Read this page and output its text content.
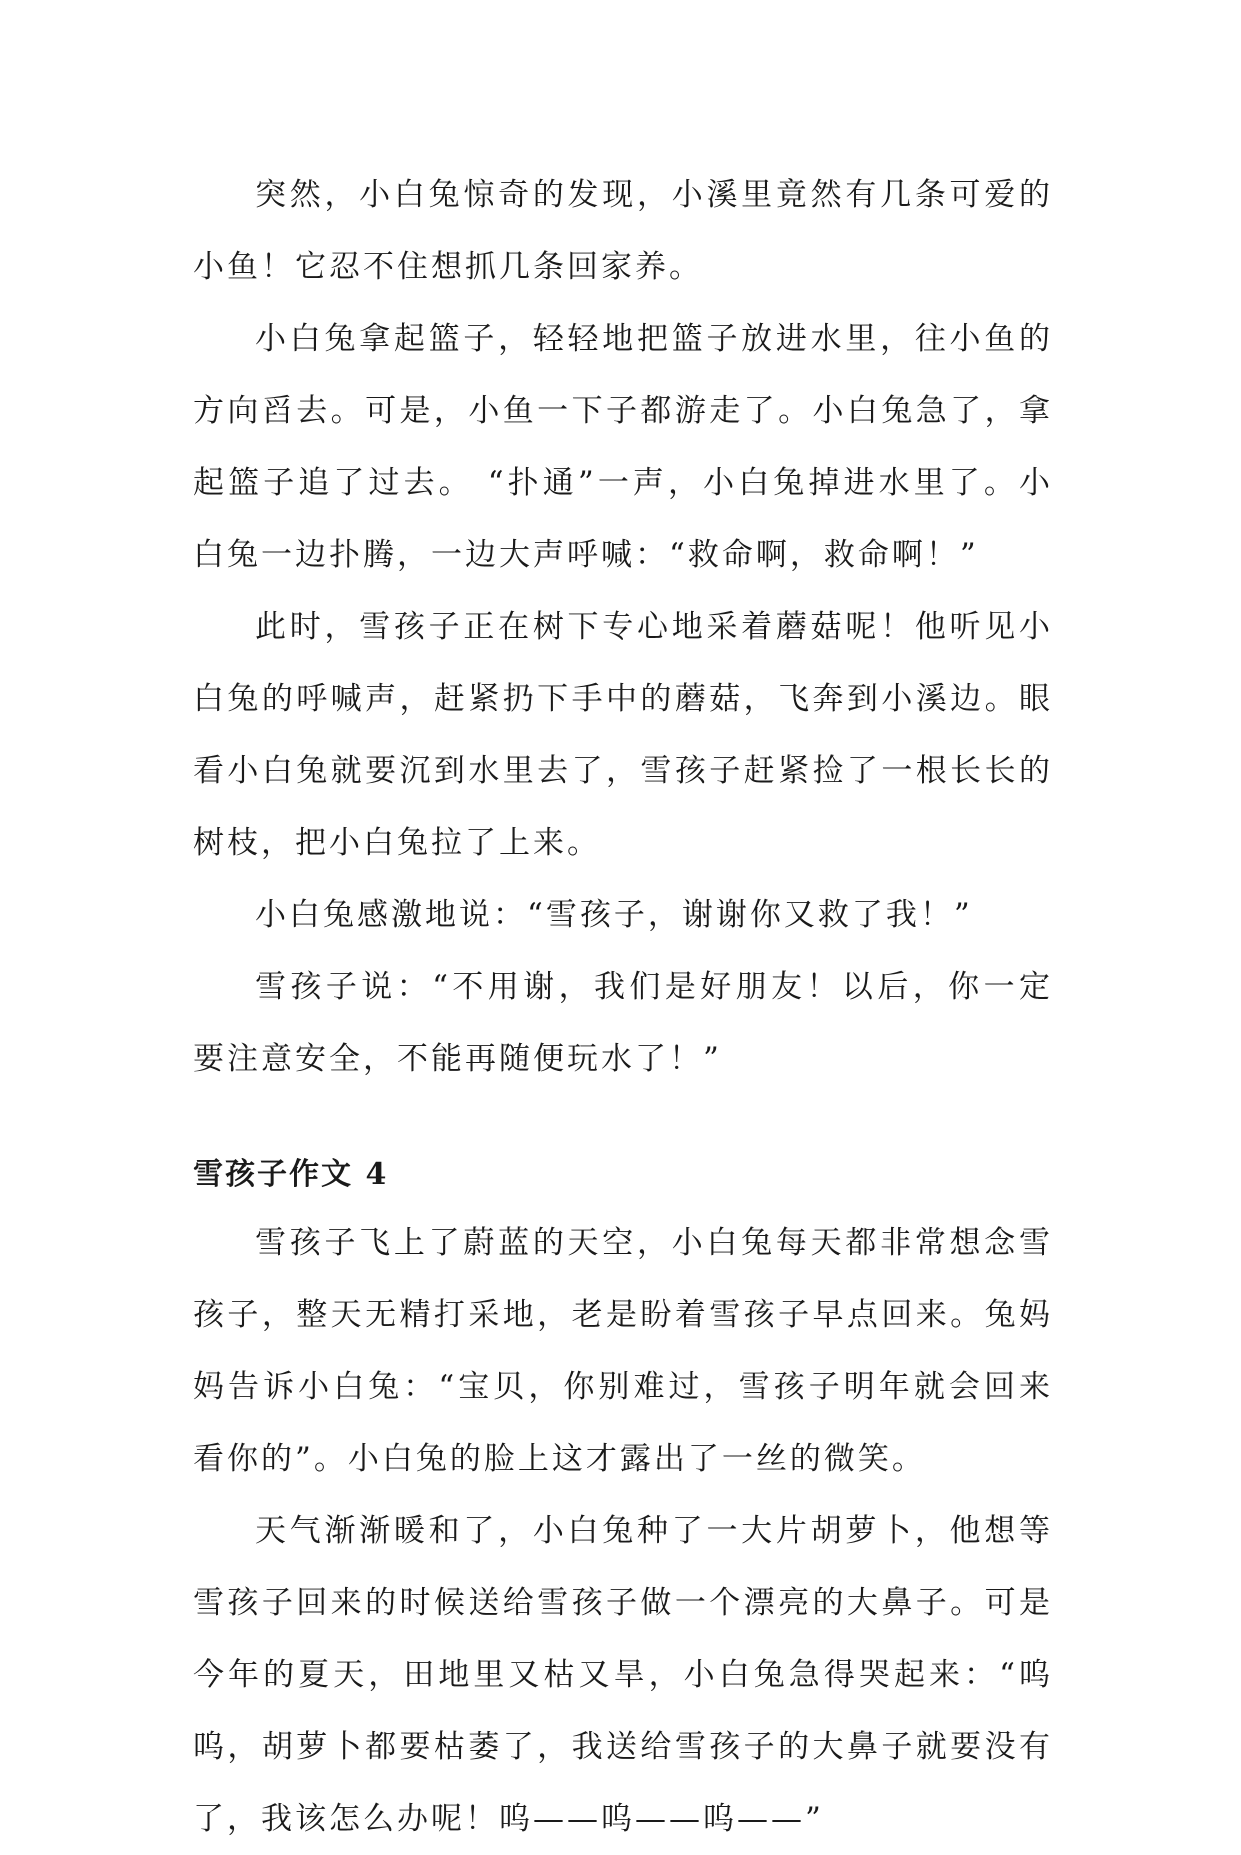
突然，小白兔惊奇的发现，小溪里竟然有几条可爱的小鱼！它忍不住想抓几条回家养。

小白兔拿起篮子，轻轻地把篮子放进水里，往小鱼的方向舀去。可是，小鱼一下子都游走了。小白兔急了，拿起篮子追了过去。 “扑通”一声，小白兔掉进水里了。小白兔一边扑腾，一边大声呼喊：“救命啊，救命啊！”

此时，雪孩子正在树下专心地采着蘑菇呢！他听见小白兔的呼喊声，赶紧扔下手中的蘑菇，飞奔到小溪边。眼看小白兔就要沉到水里去了，雪孩子赶紧捡了一根长长的树枝，把小白兔拉了上来。

小白兔感激地说：“雪孩子，谢谢你又救了我！”

雪孩子说：“不用谢，我们是好朋友！以后，你一定要注意安全，不能再随便玩水了！”

雪孩子作文 4

雪孩子飞上了蔚蓝的天空，小白兔每天都非常想念雪孩子，整天无精打采地，老是盼着雪孩子早点回来。兔妈妈告诉小白兔：“宝贝，你别难过，雪孩子明年就会回来看你的”。小白兔的脸上这才露出了一丝的微笑。

天气渐渐暖和了，小白兔种了一大片胡萝卜，他想等雪孩子回来的时候送给雪孩子做一个漂亮的大鼻子。可是今年的夏天，田地里又枯又旱，小白兔急得哭起来：“呜呜，胡萝卜都要枯萎了，我送给雪孩子的大鼻子就要没有了，我该怎么办呢！呜——呜——呜——”
